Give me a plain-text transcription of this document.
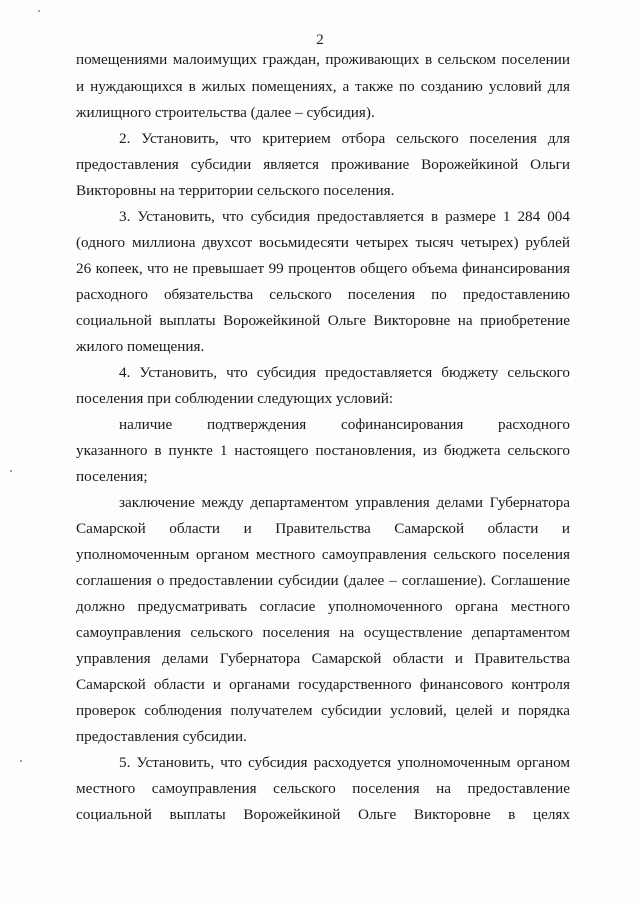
2
помещениями малоимущих граждан, проживающих в сельском поселении
и нуждающихся в жилых помещениях, а также по созданию условий для
жилищного строительства (далее – субсидия).
2. Установить, что критерием отбора сельского поселения для
предоставления субсидии является проживание Ворожейкиной Ольги
Викторовны на территории сельского поселения.
3. Установить, что субсидия предоставляется в размере 1 284 004
(одного миллиона двухсот восьмидесяти четырех тысяч четырех) рублей
26 копеек, что не превышает 99 процентов общего объема финансирования
расходного обязательства сельского поселения по предоставлению
социальной выплаты Ворожейкиной Ольге Викторовне на приобретение
жилого помещения.
4. Установить, что субсидия предоставляется бюджету сельского
поселения при соблюдении следующих условий:
наличие подтверждения софинансирования расходного
указанного в пункте 1 настоящего постановления, из бюджета сельского
поселения;
заключение между департаментом управления делами Губернатора
Самарской области и Правительства Самарской области и
уполномоченным органом местного самоуправления сельского поселения
соглашения о предоставлении субсидии (далее – соглашение). Соглашение
должно предусматривать согласие уполномоченного органа местного
самоуправления сельского поселения на осуществление департаментом
управления делами Губернатора Самарской области и Правительства
Самарской области и органами государственного финансового контроля
проверок соблюдения получателем субсидии условий, целей и порядка
предоставления субсидии.
5. Установить, что субсидия расходуется уполномоченным органом
местного самоуправления сельского поселения на предоставление
социальной выплаты Ворожейкиной Ольге Викторовне в целях
